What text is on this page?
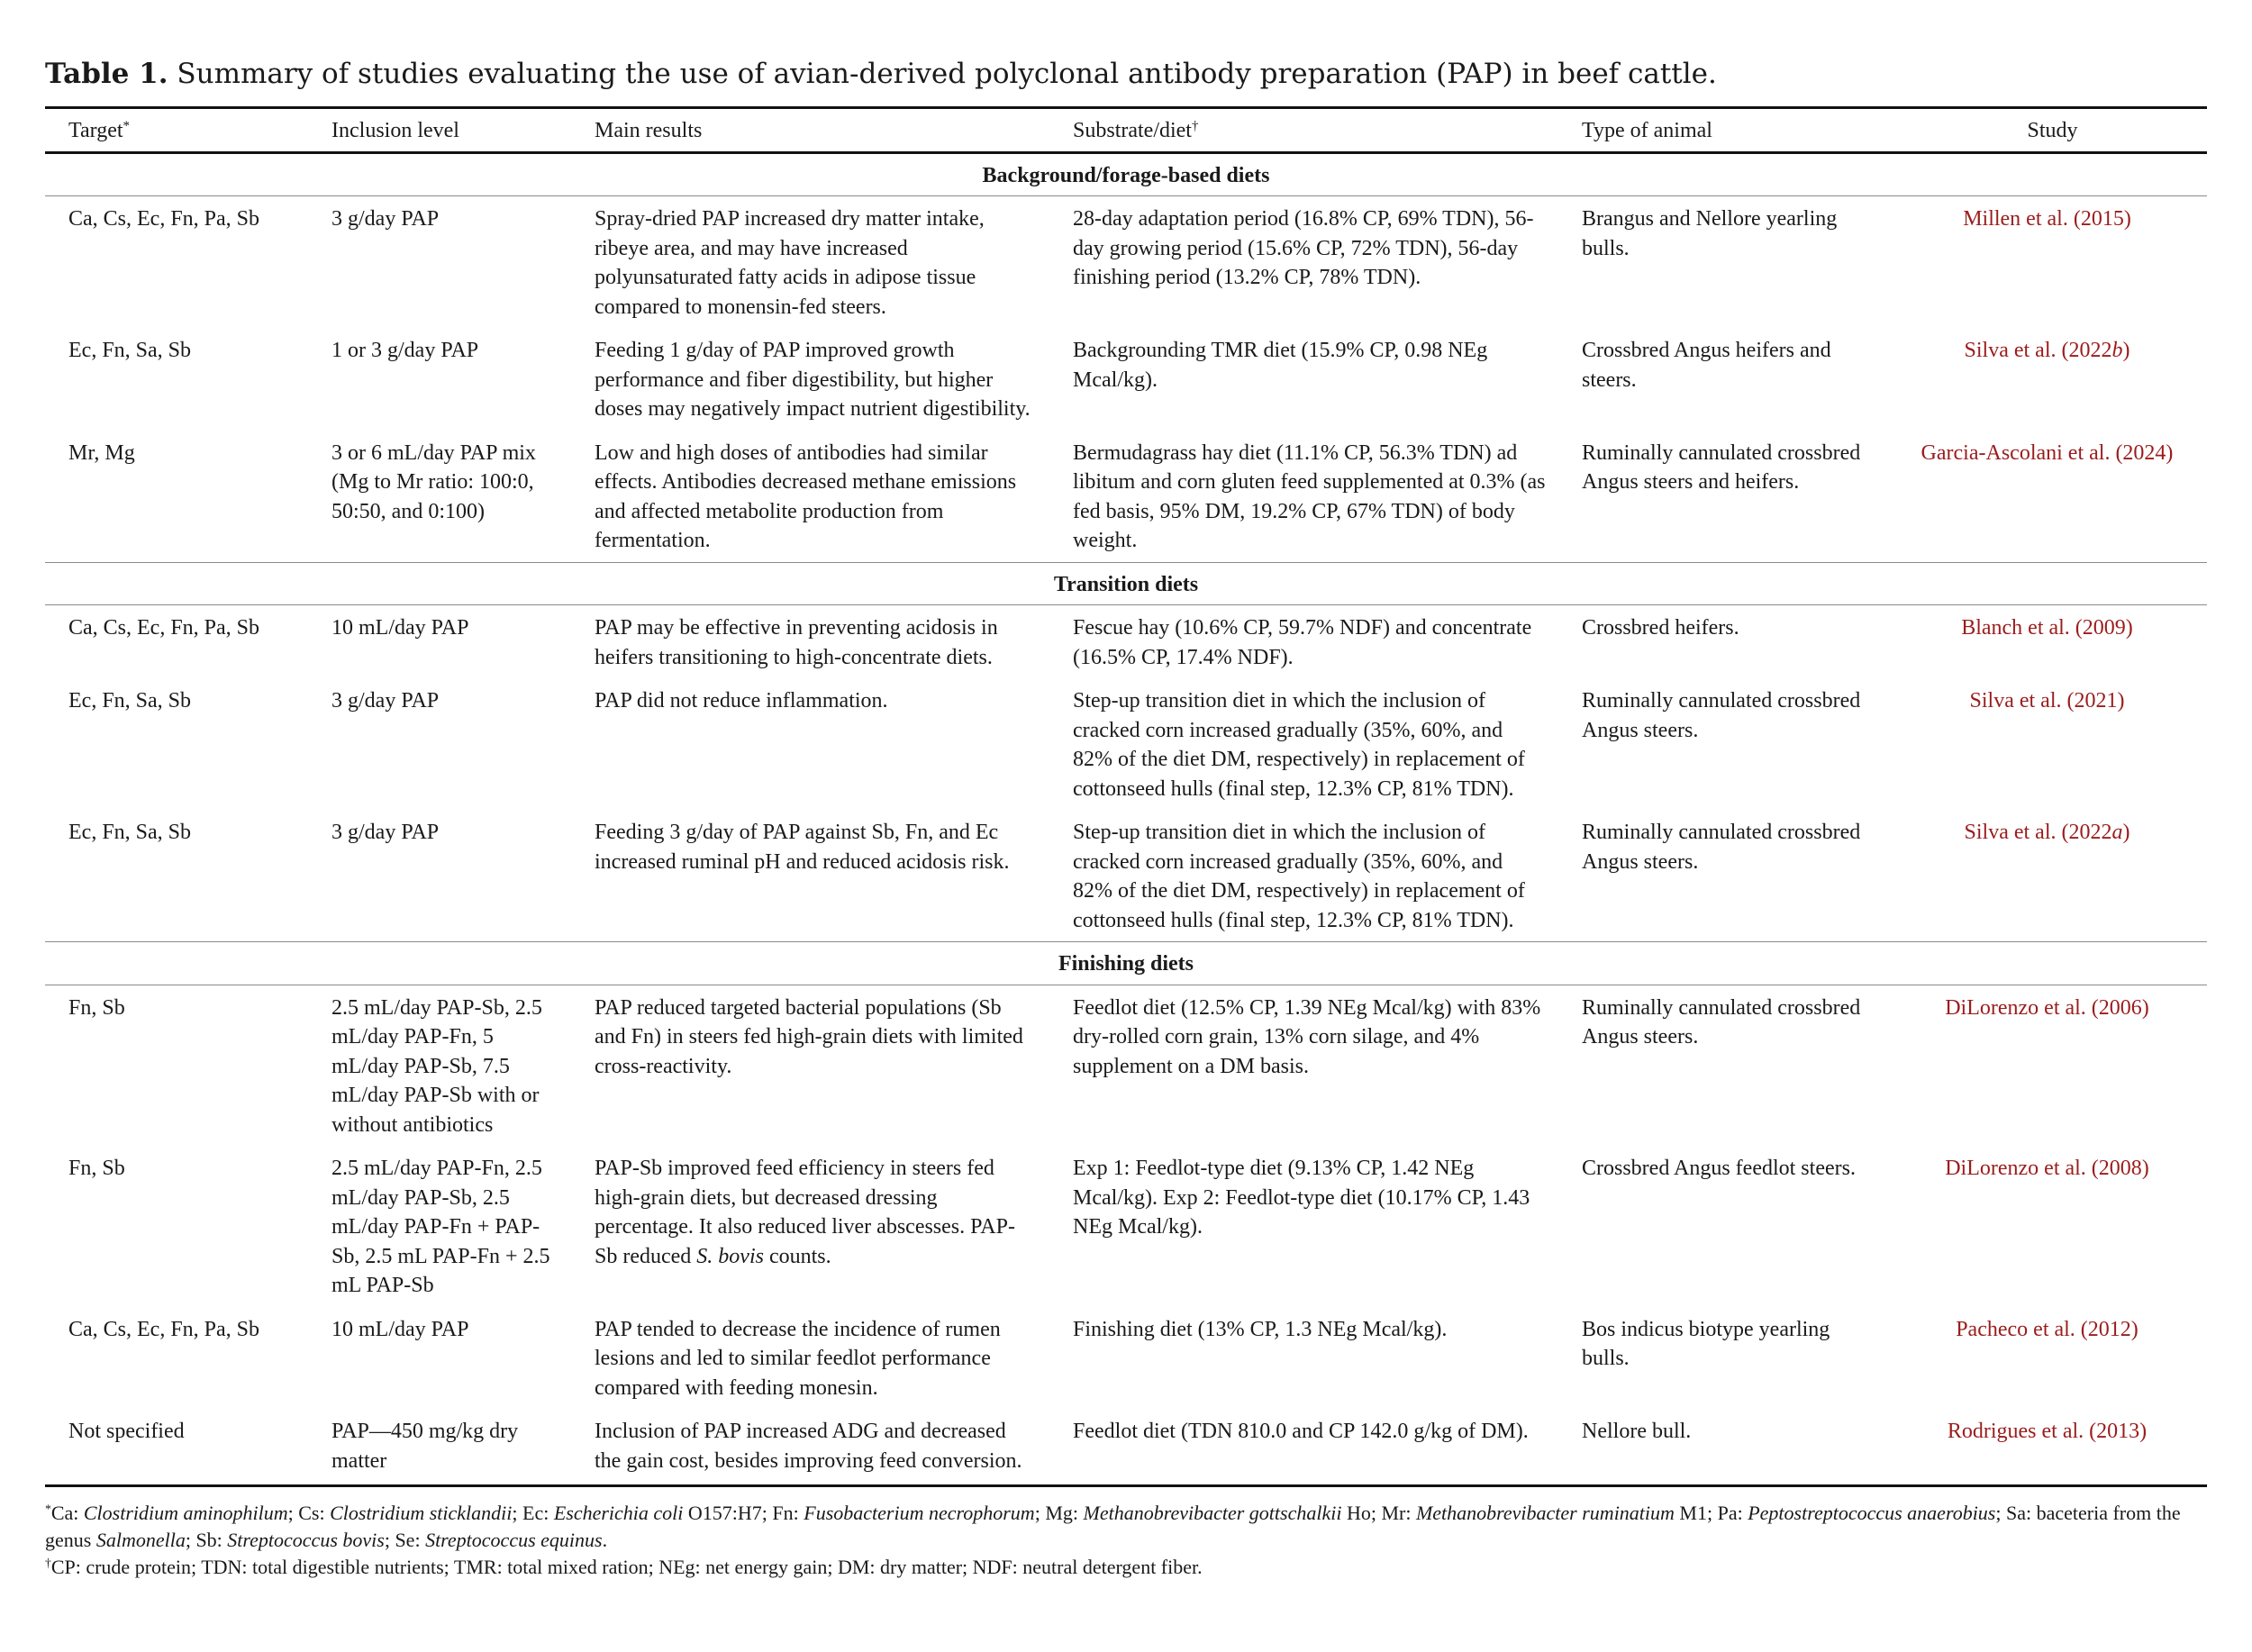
Table 1. Summary of studies evaluating the use of avian-derived polyclonal antibody preparation (PAP) in beef cattle.

Target*	Inclusion level	Main results	Substrate/diet†	Type of animal	Study
Background/forage-based diets					
Ca, Cs, Ec, Fn, Pa, Sb	3 g/day PAP	Spray-dried PAP increased dry matter intake, ribeye area, and may have increased polyunsaturated fatty acids in adipose tissue compared to monensin-fed steers.	28-day adaptation period (16.8% CP, 69% TDN), 56-day growing period (15.6% CP, 72% TDN), 56-day finishing period (13.2% CP, 78% TDN).	Brangus and Nellore yearling bulls.	Millen et al. (2015)
Ec, Fn, Sa, Sb	1 or 3 g/day PAP	Feeding 1 g/day of PAP improved growth performance and fiber digestibility, but higher doses may negatively impact nutrient digestibility.	Backgrounding TMR diet (15.9% CP, 0.98 NEg Mcal/kg).	Crossbred Angus heifers and steers.	Silva et al. (2022b)
Mr, Mg	3 or 6 mL/day PAP mix (Mg to Mr ratio: 100:0, 50:50, and 0:100)	Low and high doses of antibodies had similar effects. Antibodies decreased methane emissions and affected metabolite production from fermentation.	Bermudagrass hay diet (11.1% CP, 56.3% TDN) ad libitum and corn gluten feed supplemented at 0.3% (as fed basis, 95% DM, 19.2% CP, 67% TDN) of body weight.	Ruminally cannulated crossbred Angus steers and heifers.	Garcia-Ascolani et al. (2024)
Transition diets					
Ca, Cs, Ec, Fn, Pa, Sb	10 mL/day PAP	PAP may be effective in preventing acidosis in heifers transitioning to high-concentrate diets.	Fescue hay (10.6% CP, 59.7% NDF) and concentrate (16.5% CP, 17.4% NDF).	Crossbred heifers.	Blanch et al. (2009)
Ec, Fn, Sa, Sb	3 g/day PAP	PAP did not reduce inflammation.	Step-up transition diet in which the inclusion of cracked corn increased gradually (35%, 60%, and 82% of the diet DM, respectively) in replacement of cottonseed hulls (final step, 12.3% CP, 81% TDN).	Ruminally cannulated crossbred Angus steers.	Silva et al. (2021)
Ec, Fn, Sa, Sb	3 g/day PAP	Feeding 3 g/day of PAP against Sb, Fn, and Ec increased ruminal pH and reduced acidosis risk.	Step-up transition diet in which the inclusion of cracked corn increased gradually (35%, 60%, and 82% of the diet DM, respectively) in replacement of cottonseed hulls (final step, 12.3% CP, 81% TDN).	Ruminally cannulated crossbred Angus steers.	Silva et al. (2022a)
Finishing diets					
Fn, Sb	2.5 mL/day PAP-Sb, 2.5 mL/day PAP-Fn, 5 mL/day PAP-Sb, 7.5 mL/day PAP-Sb with or without antibiotics	PAP reduced targeted bacterial populations (Sb and Fn) in steers fed high-grain diets with limited cross-reactivity.	Feedlot diet (12.5% CP, 1.39 NEg Mcal/kg) with 83% dry-rolled corn grain, 13% corn silage, and 4% supplement on a DM basis.	Ruminally cannulated crossbred Angus steers.	DiLorenzo et al. (2006)
Fn, Sb	2.5 mL/day PAP-Fn, 2.5 mL/day PAP-Sb, 2.5 mL/day PAP-Fn + PAP-Sb, 2.5 mL PAP-Fn + 2.5 mL PAP-Sb	PAP-Sb improved feed efficiency in steers fed high-grain diets, but decreased dressing percentage. It also reduced liver abscesses. PAP-Sb reduced S. bovis counts.	Exp 1: Feedlot-type diet (9.13% CP, 1.42 NEg Mcal/kg). Exp 2: Feedlot-type diet (10.17% CP, 1.43 NEg Mcal/kg).	Crossbred Angus feedlot steers.	DiLorenzo et al. (2008)
Ca, Cs, Ec, Fn, Pa, Sb	10 mL/day PAP	PAP tended to decrease the incidence of rumen lesions and led to similar feedlot performance compared with feeding monesin.	Finishing diet (13% CP, 1.3 NEg Mcal/kg).	Bos indicus biotype yearling bulls.	Pacheco et al. (2012)
Not specified	PAP—450 mg/kg dry matter	Inclusion of PAP increased ADG and decreased the gain cost, besides improving feed conversion.	Feedlot diet (TDN 810.0 and CP 142.0 g/kg of DM).	Nellore bull.	Rodrigues et al. (2013)

*Ca: Clostridium aminophilum; Cs: Clostridium sticklandii; Ec: Escherichia coli O157:H7; Fn: Fusobacterium necrophorum; Mg: Methanobrevibacter gottschalkii Ho; Mr: Methanobrevibacter ruminatium M1; Pa: Peptostreptococcus anaerobius; Sa: baceteria from the genus Salmonella; Sb: Streptococcus bovis; Se: Streptococcus equinus.

†CP: crude protein; TDN: total digestible nutrients; TMR: total mixed ration; NEg: net energy gain; DM: dry matter; NDF: neutral detergent fiber.
